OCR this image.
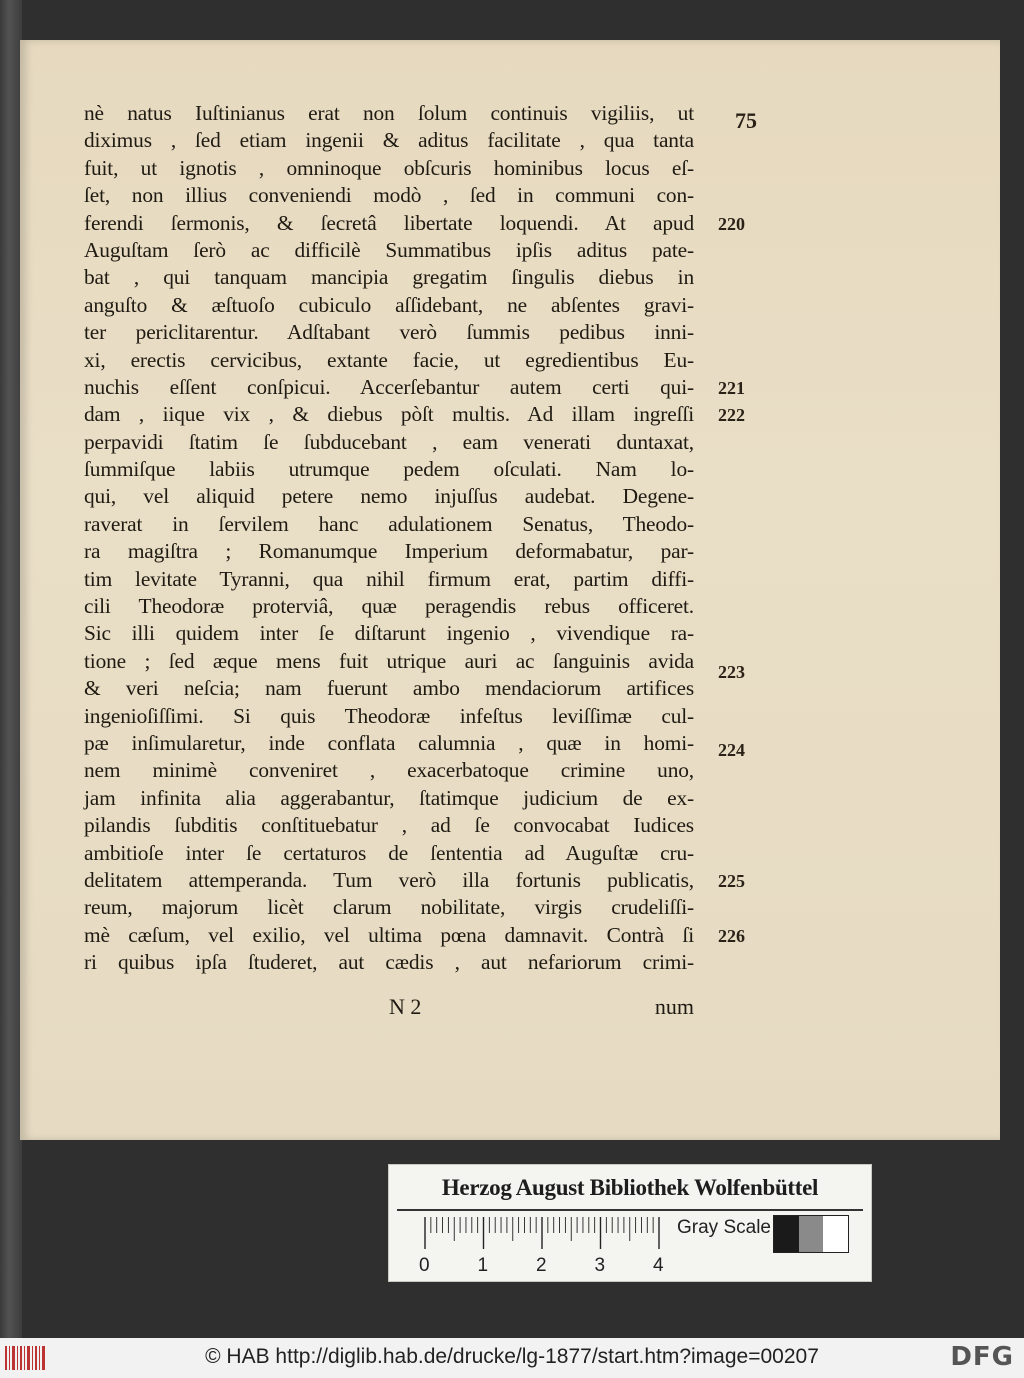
75
nè natus Iuſtinianus erat non ſolum continuis vigiliis, ut
diximus , ſed etiam ingenii & aditus facilitate , qua tanta
fuit, ut ignotis , omninoque obſcuris hominibus locus eſ-
ſet, non illius conveniendi modò , ſed in communi con-
ferendi ſermonis, & ſecretâ libertate loquendi. At apud
Auguſtam ſerò ac difficilè Summatibus ipſis aditus pate-
bat , qui tanquam mancipia gregatim ſingulis diebus in
anguſto & æſtuoſo cubiculo aſſidebant, ne abſentes gravi-
ter periclitarentur. Adſtabant verò ſummis pedibus inni-
xi, erectis cervicibus, extante facie, ut egredientibus Eu-
nuchis eſſent conſpicui. Accerſebantur autem certi qui-
dam , iique vix , & diebus pòſt multis. Ad illam ingreſſi
perpavidi ſtatim ſe ſubducebant , eam venerati duntaxat,
ſummiſque labiis utrumque pedem oſculati. Nam lo-
qui, vel aliquid petere nemo injuſſus audebat. Degene-
raverat in ſervilem hanc adulationem Senatus, Theodo-
ra magiſtra ; Romanumque Imperium deformabatur, par-
tim levitate Tyranni, qua nihil firmum erat, partim diffi-
cili Theodoræ proterviâ, quæ peragendis rebus officeret.
Sic illi quidem inter ſe diſtarunt ingenio , vivendique ra-
tione ; ſed æque mens fuit utrique auri ac ſanguinis avida
& veri neſcia; nam fuerunt ambo mendaciorum artifices
ingenioſiſſimi. Si quis Theodoræ infeſtus leviſſimæ cul-
pæ inſimularetur, inde conflata calumnia , quæ in homi-
nem minimè conveniret , exacerbatoque crimine uno,
jam infinita alia aggerabantur, ſtatimque judicium de ex-
pilandis ſubditis conſtituebatur , ad ſe convocabat Iudices
ambitioſe inter ſe certaturos de ſententia ad Auguſtæ cru-
delitatem attemperanda. Tum verò illa fortunis publicatis,
reum, majorum licèt clarum nobilitate, virgis crudeliſſi-
mè cæſum, vel exilio, vel ultima pœna damnavit. Contrà ſi
ri quibus ipſa ſtuderet, aut cædis , aut nefariorum crimi-
220
221
222
223
224
225
226
N 2	num
Herzog August Bibliothek Wolfenbüttel
0	1	2	3	4
Gray Scale
© HAB http://diglib.hab.de/drucke/lg-1877/start.htm?image=00207	DFG
